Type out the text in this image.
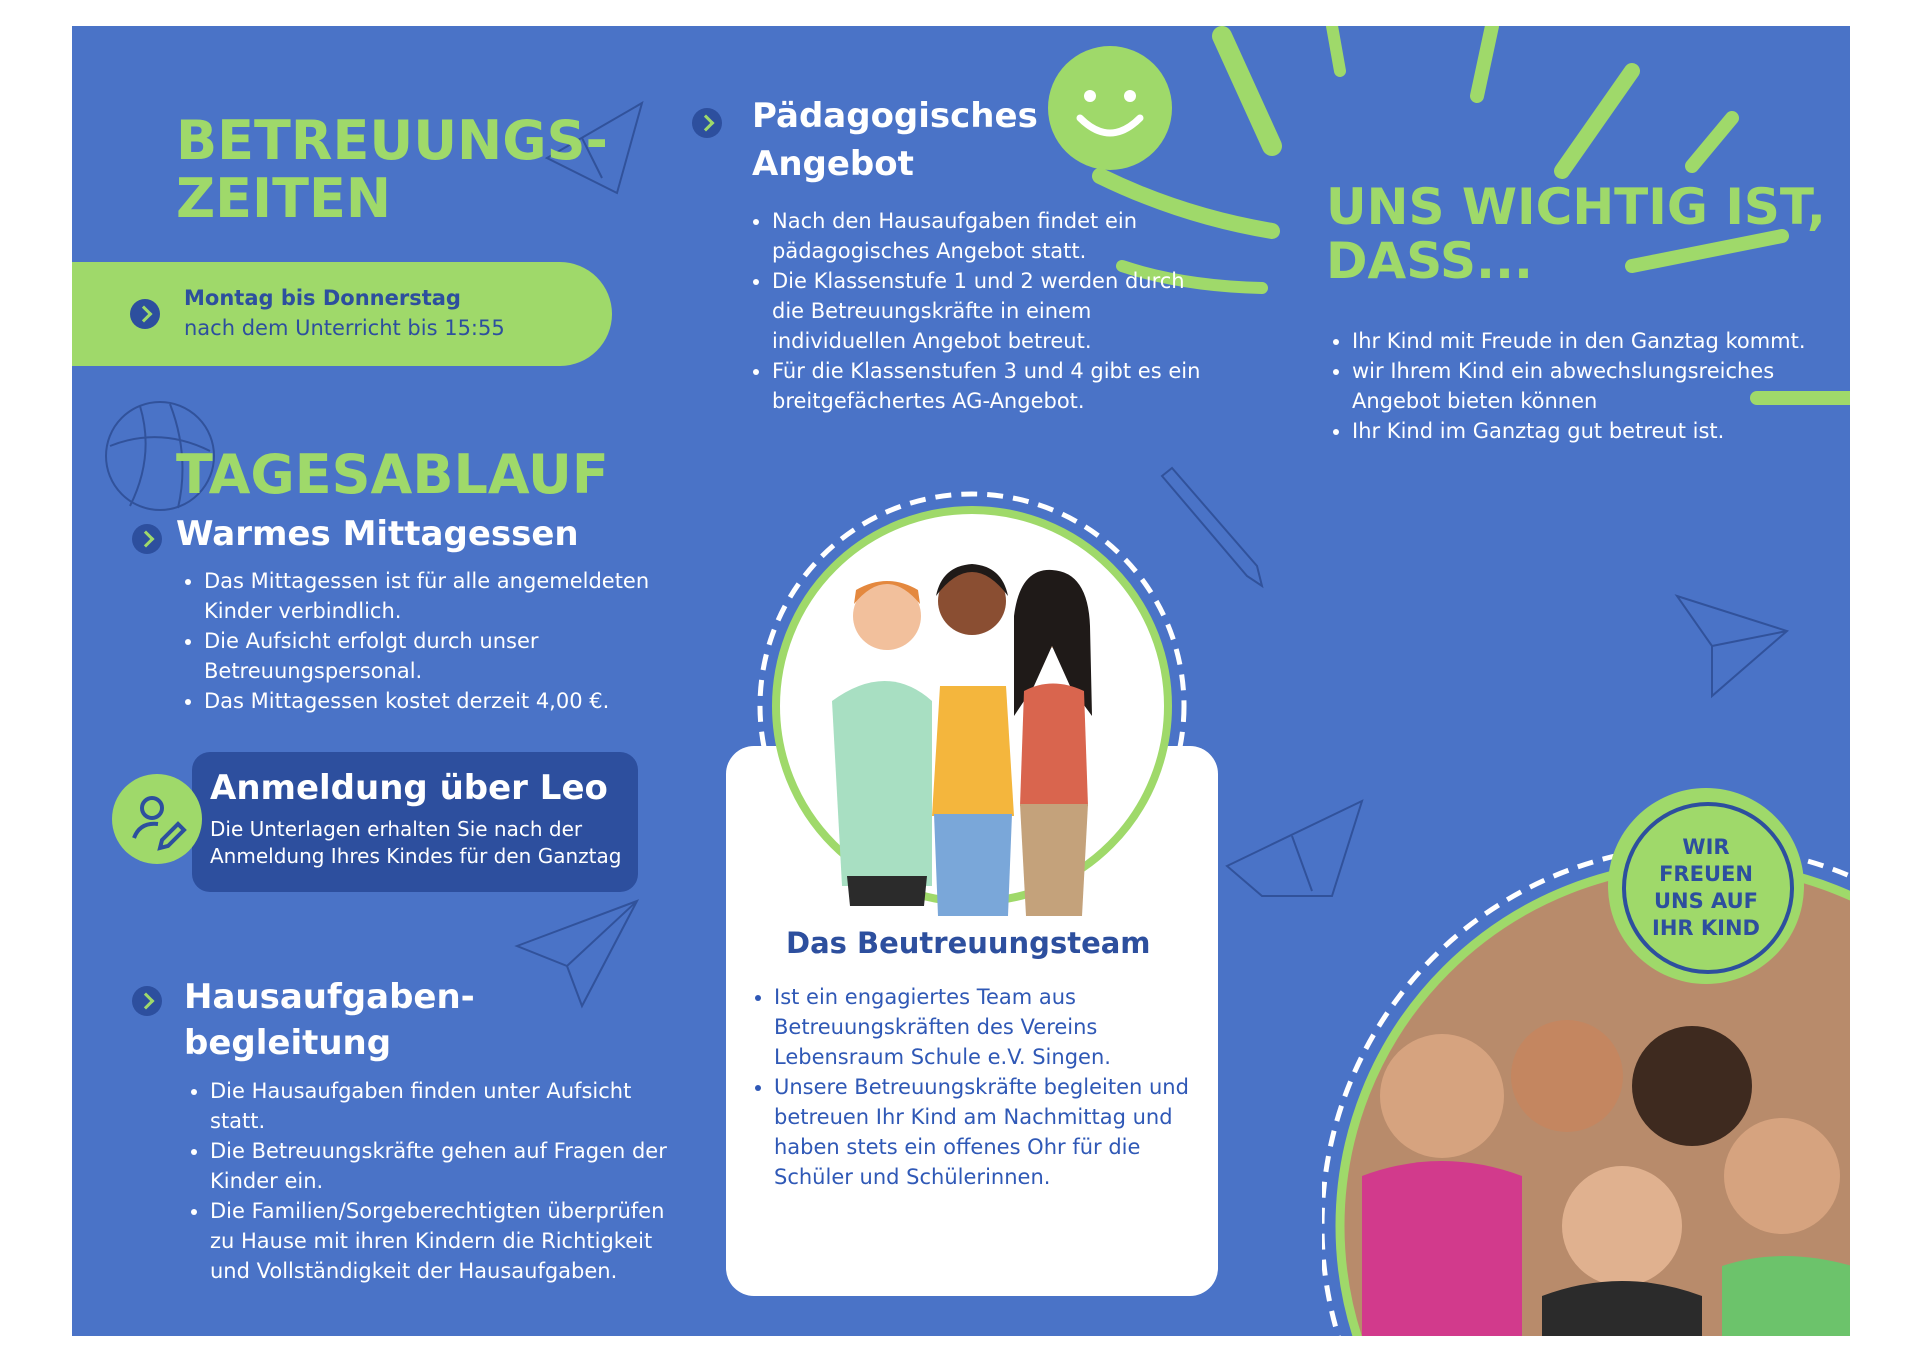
BETREUUNGS-
ZEITEN
Montag bis Donnerstag
nach dem Unterricht bis 15:55
TAGESABLAUF
Warmes Mittagessen
• Das Mittagessen ist für alle angemeldeten Kinder verbindlich.
• Die Aufsicht erfolgt durch unser Betreuungspersonal.
• Das Mittagessen kostet derzeit 4,00 €.
Anmeldung über Leo
Die Unterlagen erhalten Sie nach der
Anmeldung Ihres Kindes für den Ganztag
Hausaufgaben-
begleitung
• Die Hausaufgaben finden unter Aufsicht statt.
• Die Betreuungskräfte gehen auf Fragen der Kinder ein.
• Die Familien/Sorgeberechtigten überprüfen zu Hause mit ihren Kindern die Richtigkeit und Vollständigkeit der Hausaufgaben.
Pädagogisches
Angebot
• Nach den Hausaufgaben findet ein pädagogisches Angebot statt.
• Die Klassenstufe 1 und 2 werden durch die Betreuungskräfte in einem individuellen Angebot betreut.
• Für die Klassenstufen 3 und 4 gibt es ein breitgefächertes AG-Angebot.
Das Beutreuungsteam
• Ist ein engagiertes Team aus Betreuungskräften des Vereins Lebensraum Schule e.V. Singen.
• Unsere Betreuungskräfte begleiten und betreuen Ihr Kind am Nachmittag und haben stets ein offenes Ohr für die Schüler und Schülerinnen.
UNS WICHTIG IST,
DASS...
• Ihr Kind mit Freude in den Ganztag kommt.
• wir Ihrem Kind ein abwechslungsreiches Angebot bieten können
• Ihr Kind im Ganztag gut betreut ist.
WIR
FREUEN
UNS AUF
IHR KIND
